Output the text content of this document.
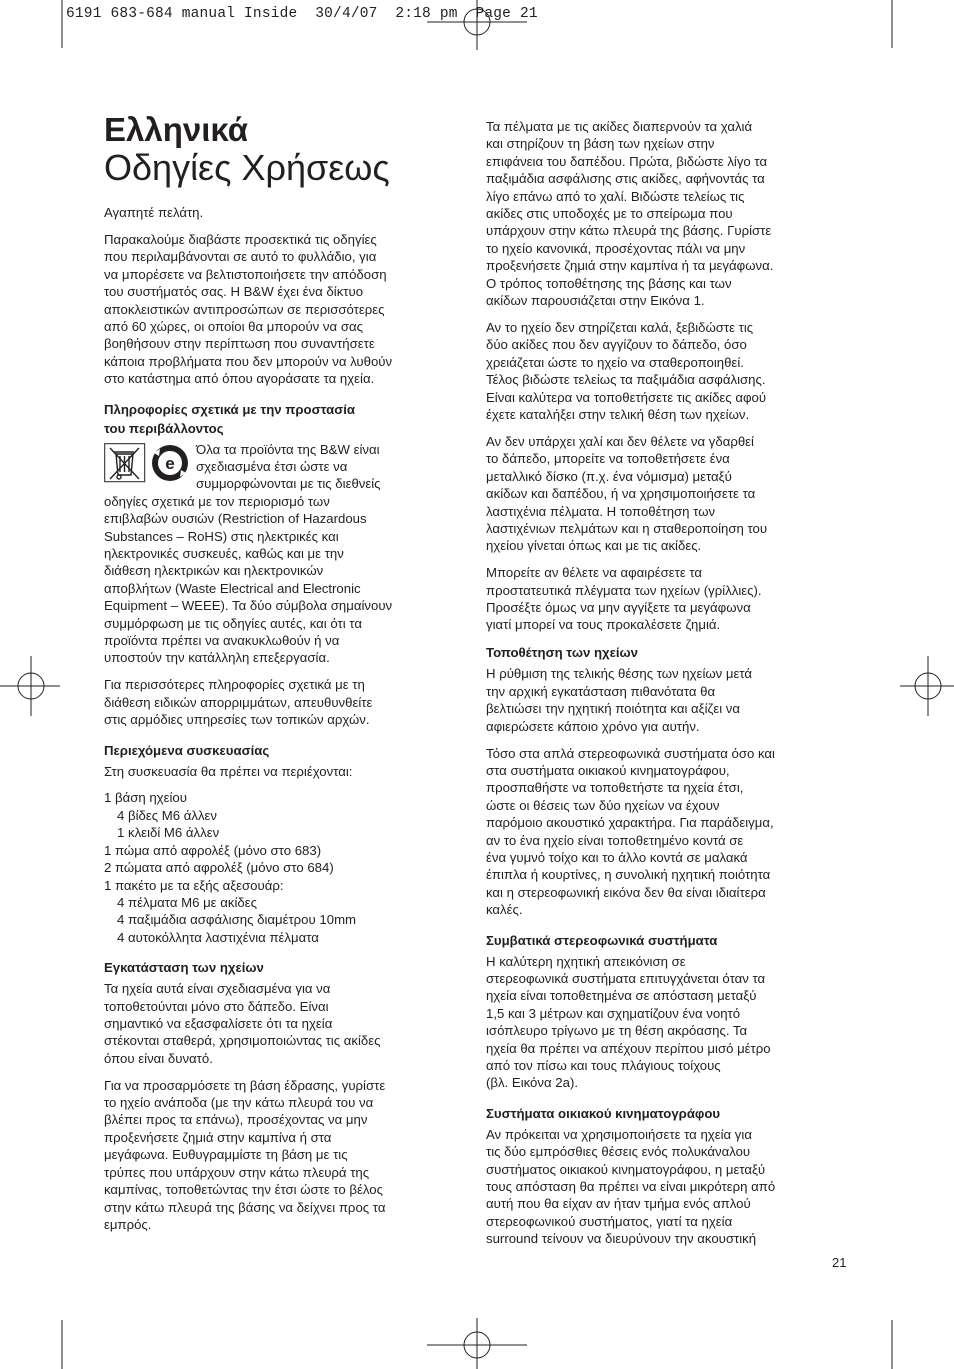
6191 683-684 manual Inside  30/4/07  2:18 pm  Page 21
Ελληνικά
Οδηγίες Χρήσεως

Αγαπητέ πελάτη.

Παρακαλούμε διαβάστε προσεκτικά τις οδηγίες
που περιλαμβάνονται σε αυτό το φυλλάδιο, για
να μπορέσετε να βελτιστοποιήσετε την απόδοση
του συστήματός σας. Η B&W έχει ένα δίκτυο
αποκλειστικών αντιπροσώπων σε περισσότερες
από 60 χώρες, οι οποίοι θα μπορούν να σας
βοηθήσουν στην περίπτωση που συναντήσετε
κάποια προβλήματα που δεν μπορούν να λυθούν
στο κατάστημα από όπου αγοράσατε τα ηχεία.

Πληροφορίες σχετικά με την προστασία
του περιβάλλοντος
e

Όλα τα προϊόντα της B&W είναι
σχεδιασμένα έτσι ώστε να
συμμορφώνονται με τις διεθνείς
οδηγίες σχετικά με τον περιορισμό των
επιβλαβών ουσιών (Restriction of Hazardous
Substances – RoHS) στις ηλεκτρικές και
ηλεκτρονικές συσκευές, καθώς και με την
διάθεση ηλεκτρικών και ηλεκτρονικών
αποβλήτων (Waste Electrical and Electronic
Equipment – WEEE). Τα δύο σύμβολα σημαίνουν
συμμόρφωση με τις οδηγίες αυτές, και ότι τα
προϊόντα πρέπει να ανακυκλωθούν ή να
υποστούν την κατάλληλη επεξεργασία.

Για περισσότερες πληροφορίες σχετικά με τη
διάθεση ειδικών απορριμμάτων, απευθυνθείτε
στις αρμόδιες υπηρεσίες των τοπικών αρχών.

Περιεχόμενα συσκευασίας

Στη συσκευασία θα πρέπει να περιέχονται:

1 βάση ηχείου
4 βίδες M6 άλλεν
1 κλειδί M6 άλλεν
1 πώμα από αφρολέξ (μόνο στο 683)
2 πώματα από αφρολέξ (μόνο στο 684)
1 πακέτο με τα εξής αξεσουάρ:
4 πέλματα M6 με ακίδες
4 παξιμάδια ασφάλισης διαμέτρου 10mm
4 αυτοκόλλητα λαστιχένια πέλματα
Εγκατάσταση των ηχείων

Τα ηχεία αυτά είναι σχεδιασμένα για να
τοποθετούνται μόνο στο δάπεδο. Είναι
σημαντικό να εξασφαλίσετε ότι τα ηχεία
στέκονται σταθερά, χρησιμοποιώντας τις ακίδες
όπου είναι δυνατό.

Για να προσαρμόσετε τη βάση έδρασης, γυρίστε
το ηχείο ανάποδα (με την κάτω πλευρά του να
βλέπει προς τα επάνω), προσέχοντας να μην
προξενήσετε ζημιά στην καμπίνα ή στα
μεγάφωνα. Ευθυγραμμίστε τη βάση με τις
τρύπες που υπάρχουν στην κάτω πλευρά της
καμπίνας, τοποθετώντας την έτσι ώστε το βέλος
στην κάτω πλευρά της βάσης να δείχνει προς τα
εμπρός.

Τα πέλματα με τις ακίδες διαπερνούν τα χαλιά
και στηρίζουν τη βάση των ηχείων στην
επιφάνεια του δαπέδου. Πρώτα, βιδώστε λίγο τα
παξιμάδια ασφάλισης στις ακίδες, αφήνοντάς τα
λίγο επάνω από το χαλί. Βιδώστε τελείως τις
ακίδες στις υποδοχές με το σπείρωμα που
υπάρχουν στην κάτω πλευρά της βάσης. Γυρίστε
το ηχείο κανονικά, προσέχοντας πάλι να μην
προξενήσετε ζημιά στην καμπίνα ή τα μεγάφωνα.
Ο τρόπος τοποθέτησης της βάσης και των
ακίδων παρουσιάζεται στην Εικόνα 1.

Αν το ηχείο δεν στηρίζεται καλά, ξεβιδώστε τις
δύο ακίδες που δεν αγγίζουν το δάπεδο, όσο
χρειάζεται ώστε το ηχείο να σταθεροποιηθεί.
Τέλος βιδώστε τελείως τα παξιμάδια ασφάλισης.
Είναι καλύτερα να τοποθετήσετε τις ακίδες αφού
έχετε καταλήξει στην τελική θέση των ηχείων.

Αν δεν υπάρχει χαλί και δεν θέλετε να γδαρθεί
το δάπεδο, μπορείτε να τοποθετήσετε ένα
μεταλλικό δίσκο (π.χ. ένα νόμισμα) μεταξύ
ακίδων και δαπέδου, ή να χρησιμοποιήσετε τα
λαστιχένια πέλματα. Η τοποθέτηση των
λαστιχένιων πελμάτων και η σταθεροποίηση του
ηχείου γίνεται όπως και με τις ακίδες.

Μπορείτε αν θέλετε να αφαιρέσετε τα
προστατευτικά πλέγματα των ηχείων (γρίλλιες).
Προσέξτε όμως να μην αγγίξετε τα μεγάφωνα
γιατί μπορεί να τους προκαλέσετε ζημιά.

Τοποθέτηση των ηχείων

Η ρύθμιση της τελικής θέσης των ηχείων μετά
την αρχική εγκατάσταση πιθανότατα θα
βελτιώσει την ηχητική ποιότητα και αξίζει να
αφιερώσετε κάποιο χρόνο για αυτήν.

Τόσο στα απλά στερεοφωνικά συστήματα όσο και
στα συστήματα οικιακού κινηματογράφου,
προσπαθήστε να τοποθετήστε τα ηχεία έτσι,
ώστε οι θέσεις των δύο ηχείων να έχουν
παρόμοιο ακουστικό χαρακτήρα. Για παράδειγμα,
αν το ένα ηχείο είναι τοποθετημένο κοντά σε
ένα γυμνό τοίχο και το άλλο κοντά σε μαλακά
έπιπλα ή κουρτίνες, η συνολική ηχητική ποιότητα
και η στερεοφωνική εικόνα δεν θα είναι ιδιαίτερα
καλές.

Συμβατικά στερεοφωνικά συστήματα

Η καλύτερη ηχητική απεικόνιση σε
στερεοφωνικά συστήματα επιτυγχάνεται όταν τα
ηχεία είναι τοποθετημένα σε απόσταση μεταξύ
1,5 και 3 μέτρων και σχηματίζουν ένα νοητό
ισόπλευρο τρίγωνο με τη θέση ακρόασης. Τα
ηχεία θα πρέπει να απέχουν περίπου μισό μέτρο
από τον πίσω και τους πλάγιους τοίχους
(βλ. Εικόνα 2a).

Συστήματα οικιακού κινηματογράφου

Αν πρόκειται να χρησιμοποιήσετε τα ηχεία για
τις δύο εμπρόσθιες θέσεις ενός πολυκάναλου
συστήματος οικιακού κινηματογράφου, η μεταξύ
τους απόσταση θα πρέπει να είναι μικρότερη από
αυτή που θα είχαν αν ήταν τμήμα ενός απλού
στερεοφωνικού συστήματος, γιατί τα ηχεία
surround τείνουν να διευρύνουν την ακουστική

21
